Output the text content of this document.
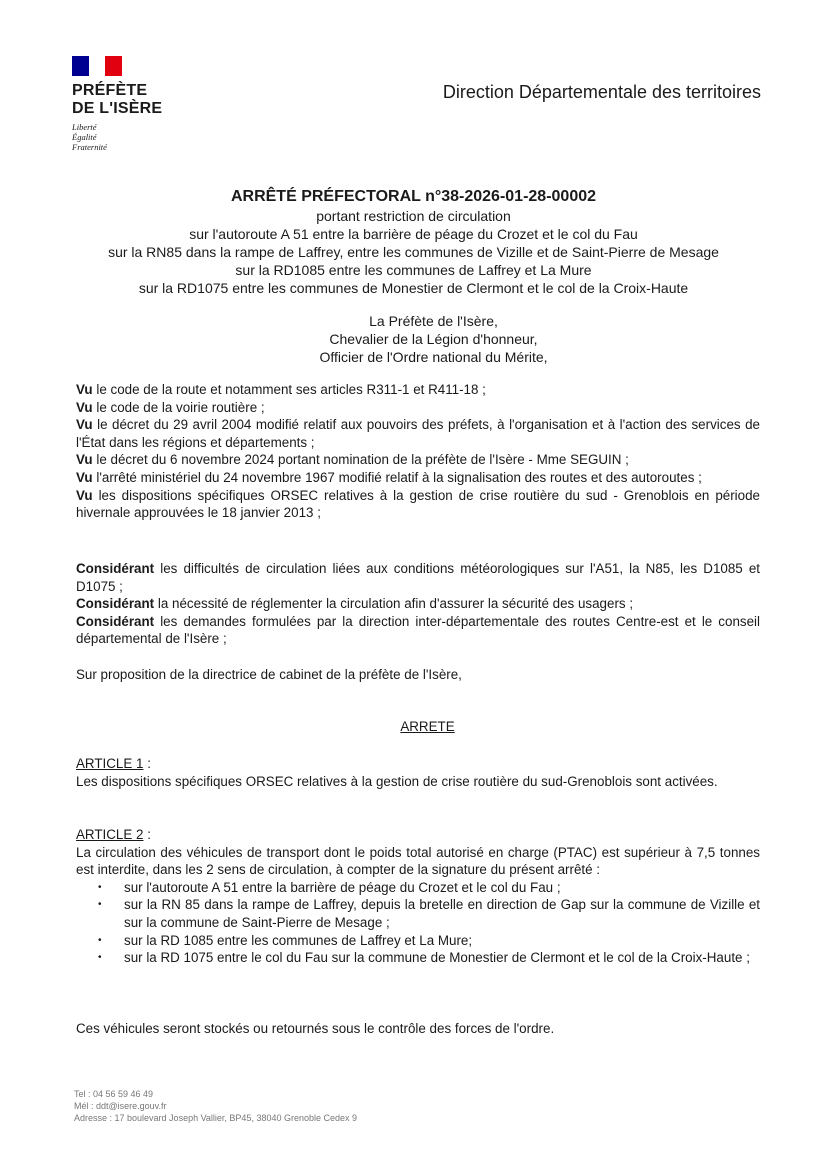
PRÉFÈTE
DE L'ISÈRE
Liberté
Égalité
Fraternité
Direction Départementale des territoires
ARRÊTÉ PRÉFECTORAL n°38-2026-01-28-00002
portant restriction de circulation
sur l'autoroute A 51 entre la barrière de péage du Crozet et le col du Fau
sur la RN85 dans la rampe de Laffrey, entre les communes de Vizille et de Saint-Pierre de Mesage
sur la RD1085 entre les communes de Laffrey et La Mure
sur la RD1075 entre les communes de Monestier de Clermont et le col de la Croix-Haute
La Préfète de l'Isère,
Chevalier de la Légion d'honneur,
Officier de l'Ordre national du Mérite,

Vu le code de la route et notamment ses articles R311-1 et R411-18 ;

Vu le code de la voirie routière ;

Vu le décret du 29 avril 2004 modifié relatif aux pouvoirs des préfets, à l'organisation et à l'action des services de l'État dans les régions et départements ;

Vu le décret du 6 novembre 2024 portant nomination de la préfète de l'Isère - Mme SEGUIN ;

Vu l'arrêté ministériel du 24 novembre 1967 modifié relatif à la signalisation des routes et des autoroutes ;

Vu les dispositions spécifiques ORSEC relatives à la gestion de crise routière du sud - Grenoblois en période hivernale approuvées le 18 janvier 2013 ;

Considérant les difficultés de circulation liées aux conditions météorologiques sur l'A51, la N85, les D1085 et D1075 ;

Considérant la nécessité de réglementer la circulation afin d'assurer la sécurité des usagers ;

Considérant les demandes formulées par la direction inter-départementale des routes Centre-est et le conseil départemental de l'Isère ;

Sur proposition de la directrice de cabinet de la préfète de l'Isère,
ARRETE

ARTICLE 1 :

Les dispositions spécifiques ORSEC relatives à la gestion de crise routière du sud-Grenoblois sont activées.

ARTICLE 2 :

La circulation des véhicules de transport dont le poids total autorisé en charge (PTAC) est supérieur à 7,5 tonnes est interdite, dans les 2 sens de circulation, à compter de la signature du présent arrêté :

• sur l'autoroute A 51 entre la barrière de péage du Crozet et le col du Fau ;
• sur la RN 85 dans la rampe de Laffrey, depuis la bretelle en direction de Gap sur la commune de Vizille et sur la commune de Saint-Pierre de Mesage ;
• sur la RD 1085 entre les communes de Laffrey et La Mure;
• sur la RD 1075 entre le col du Fau sur la commune de Monestier de Clermont et le col de la Croix-Haute ;
Ces véhicules seront stockés ou retournés sous le contrôle des forces de l'ordre.
Tel : 04 56 59 46 49
Mél : ddt@isere.gouv.fr
Adresse : 17 boulevard Joseph Vallier, BP45, 38040 Grenoble Cedex 9
